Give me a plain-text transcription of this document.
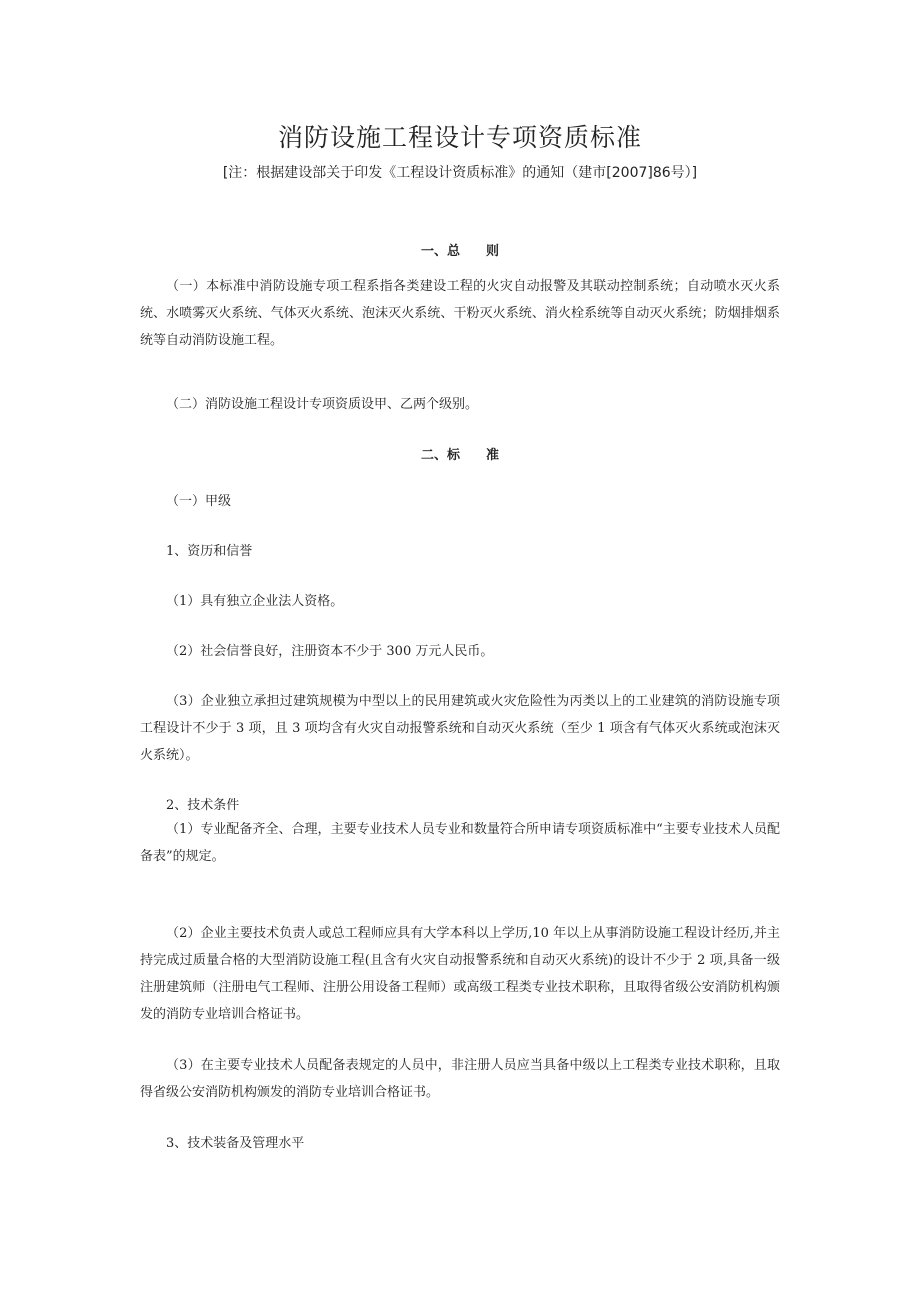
消防设施工程设计专项资质标准
[注：根据建设部关于印发《工程设计资质标准》的通知（建市[2007]86号）]
一、总 则

（一）本标准中消防设施专项工程系指各类建设工程的火灾自动报警及其联动控制系统；自动喷水灭火系统、水喷雾灭火系统、气体灭火系统、泡沫灭火系统、干粉灭火系统、消火栓系统等自动灭火系统；防烟排烟系统等自动消防设施工程。

（二）消防设施工程设计专项资质设甲、乙两个级别。

二、标 准

（一）甲级

1、资历和信誉

（1）具有独立企业法人资格。

（2）社会信誉良好，注册资本不少于 300 万元人民币。

（3）企业独立承担过建筑规模为中型以上的民用建筑或火灾危险性为丙类以上的工业建筑的消防设施专项工程设计不少于 3 项，且 3 项均含有火灾自动报警系统和自动灭火系统（至少 1 项含有气体灭火系统或泡沫灭火系统）。

2、技术条件

（1）专业配备齐全、合理，主要专业技术人员专业和数量符合所申请专项资质标准中“主要专业技术人员配备表”的规定。

（2）企业主要技术负责人或总工程师应具有大学本科以上学历,10 年以上从事消防设施工程设计经历,并主持完成过质量合格的大型消防设施工程(且含有火灾自动报警系统和自动灭火系统)的设计不少于 2 项,具备一级注册建筑师（注册电气工程师、注册公用设备工程师）或高级工程类专业技术职称，且取得省级公安消防机构颁发的消防专业培训合格证书。

（3）在主要专业技术人员配备表规定的人员中，非注册人员应当具备中级以上工程类专业技术职称，且取得省级公安消防机构颁发的消防专业培训合格证书。

3、技术装备及管理水平
